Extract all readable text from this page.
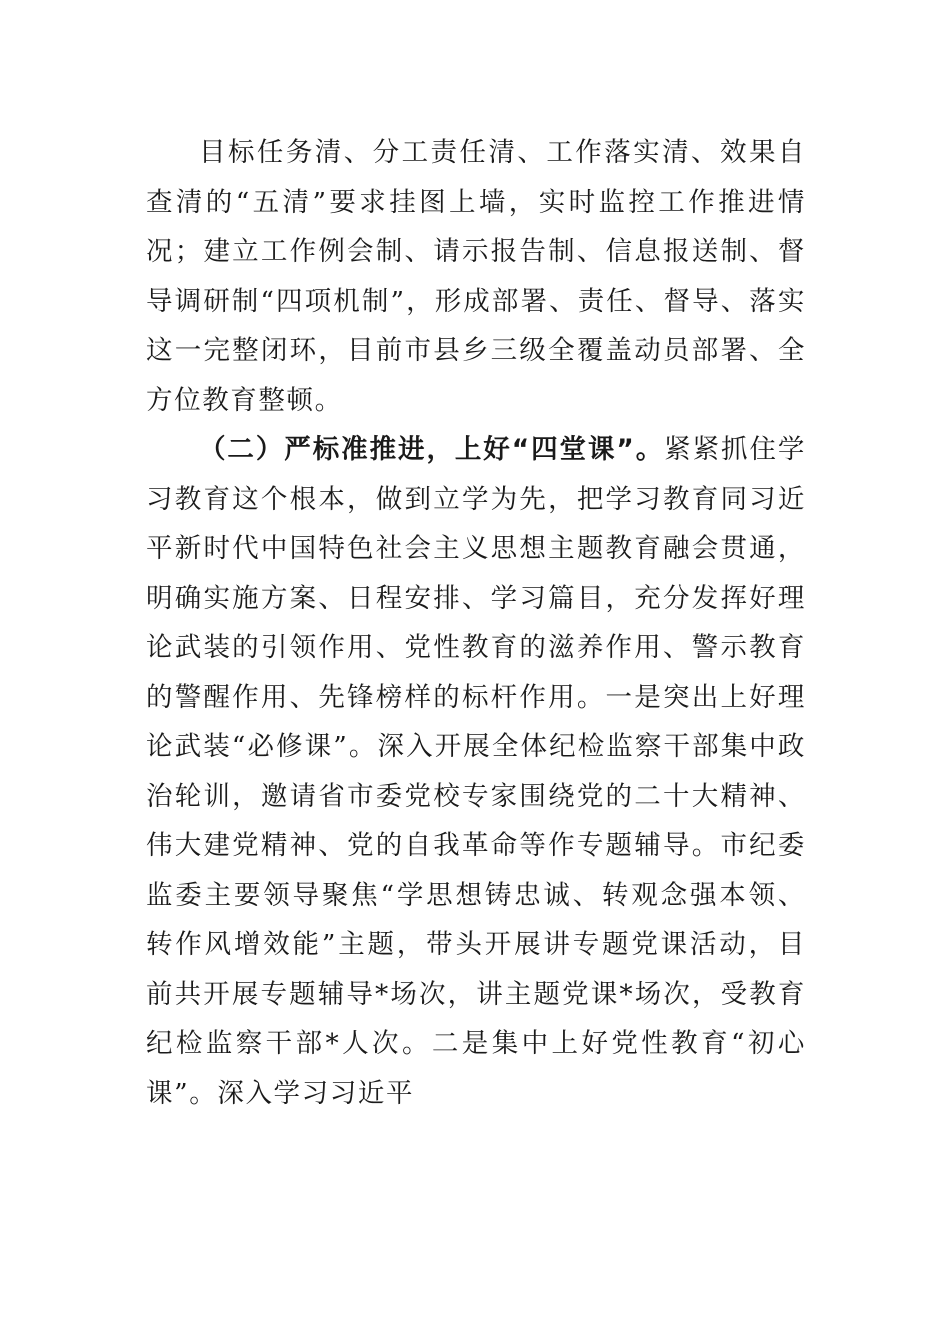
目标任务清、分工责任清、工作落实清、效果自查清的“五清”要求挂图上墙，实时监控工作推进情况；建立工作例会制、请示报告制、信息报送制、督导调研制“四项机制”，形成部署、责任、督导、落实这一完整闭环，目前市县乡三级全覆盖动员部署、全方位教育整顿。

（二）严标准推进，上好“四堂课”。紧紧抓住学习教育这个根本，做到立学为先，把学习教育同习近平新时代中国特色社会主义思想主题教育融会贯通，明确实施方案、日程安排、学习篇目，充分发挥好理论武装的引领作用、党性教育的滋养作用、警示教育的警醒作用、先锋榜样的标杆作用。一是突出上好理论武装“必修课”。深入开展全体纪检监察干部集中政治轮训，邀请省市委党校专家围绕党的二十大精神、伟大建党精神、党的自我革命等作专题辅导。市纪委监委主要领导聚焦“学思想铸忠诚、转观念强本领、转作风增效能”主题，带头开展讲专题党课活动，目前共开展专题辅导*场次，讲主题党课*场次，受教育纪检监察干部*人次。二是集中上好党性教育“初心课”。深入学习习近平
